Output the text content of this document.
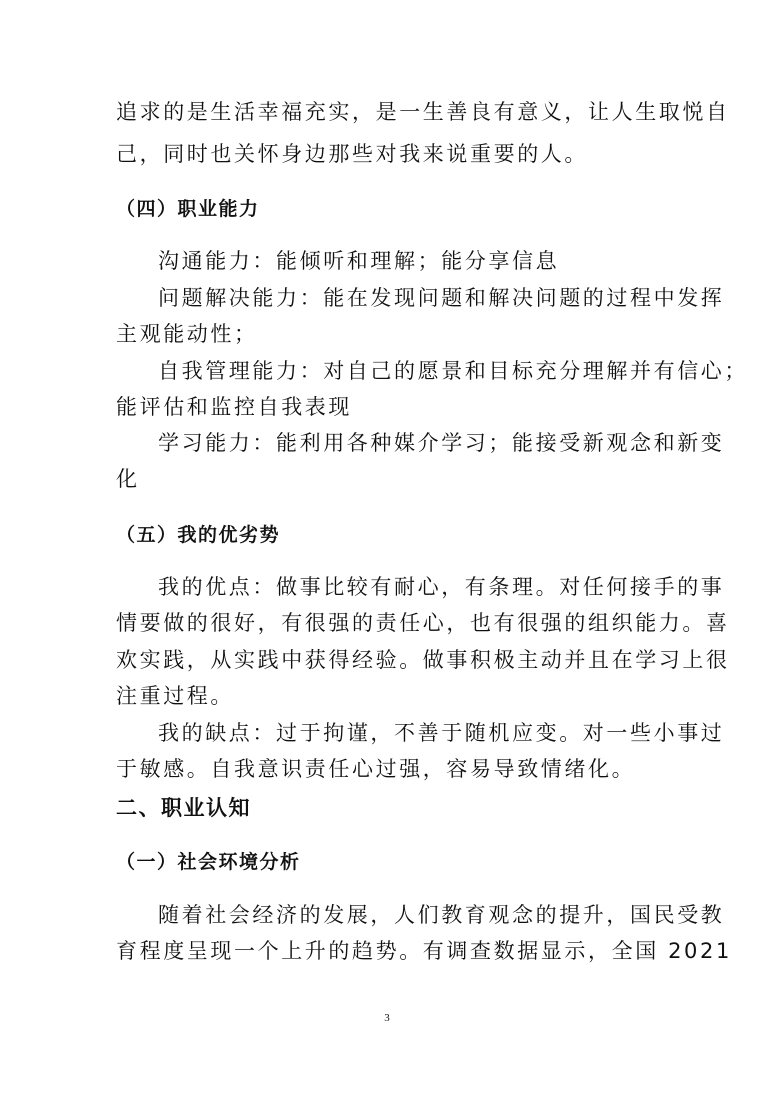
追求的是生活幸福充实，是一生善良有意义，让人生取悦自
己，同时也关怀身边那些对我来说重要的人。
（四）职业能力
沟通能力：能倾听和理解；能分享信息
问题解决能力：能在发现问题和解决问题的过程中发挥
主观能动性；
自我管理能力：对自己的愿景和目标充分理解并有信心；
能评估和监控自我表现
学习能力：能利用各种媒介学习；能接受新观念和新变
化
（五）我的优劣势
我的优点：做事比较有耐心，有条理。对任何接手的事
情要做的很好，有很强的责任心，也有很强的组织能力。喜
欢实践，从实践中获得经验。做事积极主动并且在学习上很
注重过程。
我的缺点：过于拘谨，不善于随机应变。对一些小事过
于敏感。自我意识责任心过强，容易导致情绪化。
二、职业认知
（一）社会环境分析
随着社会经济的发展，人们教育观念的提升，国民受教
育程度呈现一个上升的趋势。有调查数据显示，全国 2021
3
